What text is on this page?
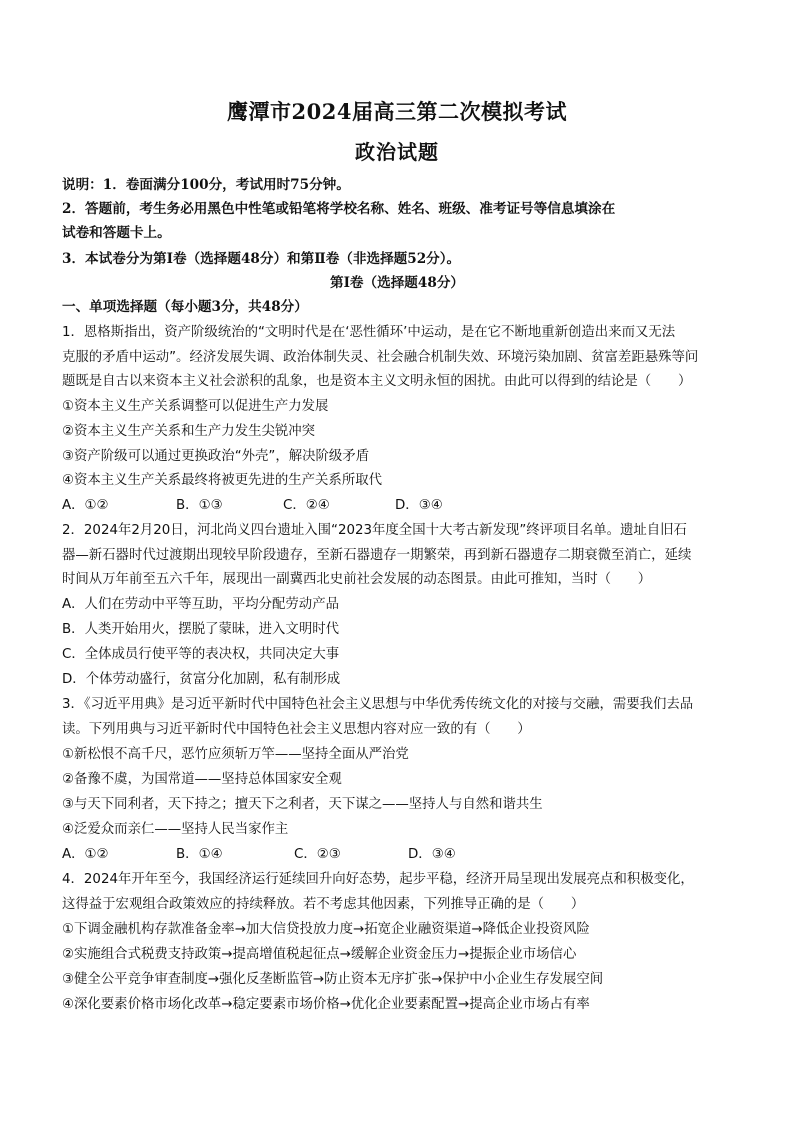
鹰潭市2024届高三第二次模拟考试
政治试题
说明：1．卷面满分100分，考试用时75分钟。
2．答题前，考生务必用黑色中性笔或铅笔将学校名称、姓名、班级、准考证号等信息填涂在
试卷和答题卡上。
3．本试卷分为第Ⅰ卷（选择题48分）和第Ⅱ卷（非选择题52分）。
第Ⅰ卷（选择题48分）
一、单项选择题（每小题3分，共48分）
1．恩格斯指出，资产阶级统治的“文明时代是在‘恶性循环’中运动，是在它不断地重新创造出来而又无法
克服的矛盾中运动”。经济发展失调、政治体制失灵、社会融合机制失效、环境污染加剧、贫富差距悬殊等问
题既是自古以来资本主义社会淤积的乱象，也是资本主义文明永恒的困扰。由此可以得到的结论是（　　）
①资本主义生产关系调整可以促进生产力发展
②资本主义生产关系和生产力发生尖锐冲突
③资产阶级可以通过更换政治“外壳”，解决阶级矛盾
④资本主义生产关系最终将被更先进的生产关系所取代
A．①②	B．①③	C．②④	D．③④
2．2024年2月20日，河北尚义四台遗址入围“2023年度全国十大考古新发现”终评项目名单。遗址自旧石
器—新石器时代过渡期出现较早阶段遗存，至新石器遗存一期繁荣，再到新石器遗存二期衰微至消亡，延续
时间从万年前至五六千年，展现出一副冀西北史前社会发展的动态图景。由此可推知，当时（　　）
A．人们在劳动中平等互助，平均分配劳动产品
B．人类开始用火，摆脱了蒙昧，进入文明时代
C．全体成员行使平等的表决权，共同决定大事
D．个体劳动盛行，贫富分化加剧，私有制形成
3．《习近平用典》是习近平新时代中国特色社会主义思想与中华优秀传统文化的对接与交融，需要我们去品
读。下列用典与习近平新时代中国特色社会主义思想内容对应一致的有（　　）
①新松恨不高千尺，恶竹应须斩万竿——坚持全面从严治党
②备豫不虞，为国常道——坚持总体国家安全观
③与天下同利者，天下持之；擅天下之利者，天下谋之——坚持人与自然和谐共生
④泛爱众而亲仁——坚持人民当家作主
A．①②	B．①④	C．②③	D．③④
4．2024年开年至今，我国经济运行延续回升向好态势，起步平稳，经济开局呈现出发展亮点和积极变化，
这得益于宏观组合政策效应的持续释放。若不考虑其他因素，下列推导正确的是（　　）
①下调金融机构存款准备金率→加大信贷投放力度→拓宽企业融资渠道→降低企业投资风险
②实施组合式税费支持政策→提高增值税起征点→缓解企业资金压力→提振企业市场信心
③健全公平竞争审查制度→强化反垄断监管→防止资本无序扩张→保护中小企业生存发展空间
④深化要素价格市场化改革→稳定要素市场价格→优化企业要素配置→提高企业市场占有率
